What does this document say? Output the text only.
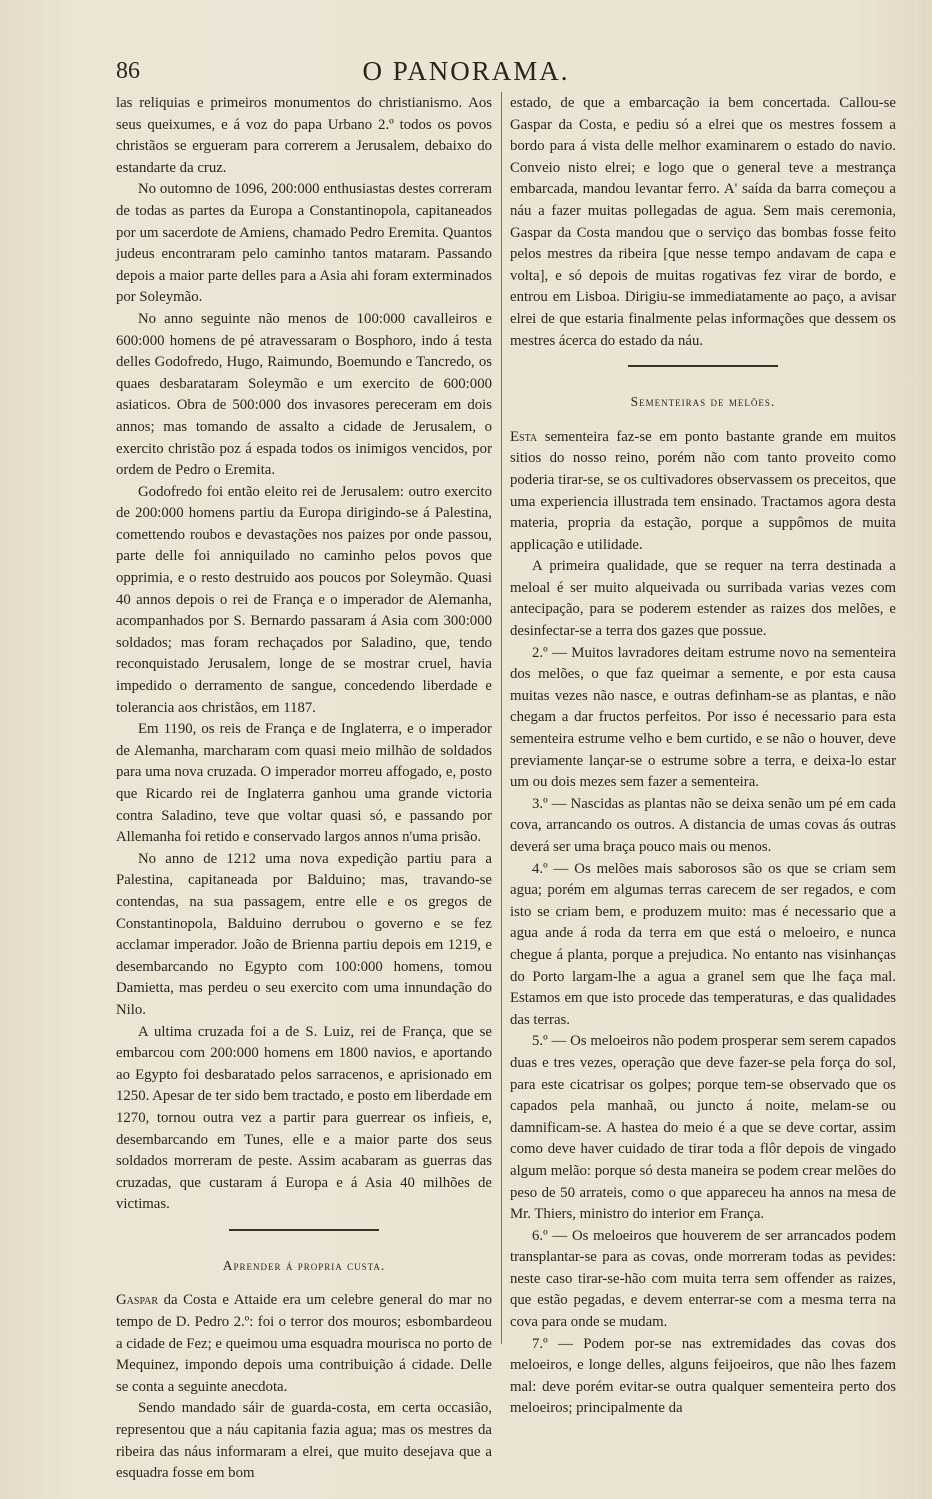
86	O PANORAMA.

las reliquias e primeiros monumentos do christianismo. Aos seus queixumes, e á voz do papa Urbano 2.º todos os povos christãos se ergueram para correrem a Jerusalem, debaixo do estandarte da cruz.

No outomno de 1096, 200:000 enthusiastas destes correram de todas as partes da Europa a Constantinopola, capitaneados por um sacerdote de Amiens, chamado Pedro Eremita. Quantos judeus encontraram pelo caminho tantos mataram. Passando depois a maior parte delles para a Asia ahi foram exterminados por Soleymão.

No anno seguinte não menos de 100:000 cavalleiros e 600:000 homens de pé atravessaram o Bosphoro, indo á testa delles Godofredo, Hugo, Raimundo, Boemundo e Tancredo, os quaes desbarataram Soleymão e um exercito de 600:000 asiaticos. Obra de 500:000 dos invasores pereceram em dois annos; mas tomando de assalto a cidade de Jerusalem, o exercito christão poz á espada todos os inimigos vencidos, por ordem de Pedro o Eremita.

Godofredo foi então eleito rei de Jerusalem: outro exercito de 200:000 homens partiu da Europa dirigindo-se á Palestina, comettendo roubos e devastações nos paizes por onde passou, parte delle foi anniquilado no caminho pelos povos que opprimia, e o resto destruido aos poucos por Soleymão. Quasi 40 annos depois o rei de França e o imperador de Alemanha, acompanhados por S. Bernardo passaram á Asia com 300:000 soldados; mas foram rechaçados por Saladino, que, tendo reconquistado Jerusalem, longe de se mostrar cruel, havia impedido o derramento de sangue, concedendo liberdade e tolerancia aos christãos, em 1187.

Em 1190, os reis de França e de Inglaterra, e o imperador de Alemanha, marcharam com quasi meio milhão de soldados para uma nova cruzada. O imperador morreu affogado, e, posto que Ricardo rei de Inglaterra ganhou uma grande victoria contra Saladino, teve que voltar quasi só, e passando por Allemanha foi retido e conservado largos annos n'uma prisão.

No anno de 1212 uma nova expedição partiu para a Palestina, capitaneada por Balduino; mas, travando-se contendas, na sua passagem, entre elle e os gregos de Constantinopola, Balduino derrubou o governo e se fez acclamar imperador. João de Brienna partiu depois em 1219, e desembarcando no Egypto com 100:000 homens, tomou Damietta, mas perdeu o seu exercito com uma innundação do Nilo.

A ultima cruzada foi a de S. Luiz, rei de França, que se embarcou com 200:000 homens em 1800 navios, e aportando ao Egypto foi desbaratado pelos sarracenos, e aprisionado em 1250. Apesar de ter sido bem tractado, e posto em liberdade em 1270, tornou outra vez a partir para guerrear os infieis, e, desembarcando em Tunes, elle e a maior parte dos seus soldados morreram de peste. Assim acabaram as guerras das cruzadas, que custaram á Europa e á Asia 40 milhões de victimas.

Aprender á propria custa.

Gaspar da Costa e Attaide era um celebre general do mar no tempo de D. Pedro 2.º: foi o terror dos mouros; esbombardeou a cidade de Fez; e queimou uma esquadra mourisca no porto de Mequinez, impondo depois uma contribuição á cidade. Delle se conta a seguinte anecdota.

Sendo mandado sáir de guarda-costa, em certa occasião, representou que a náu capitania fazia agua; mas os mestres da ribeira das náus informaram a elrei, que muito desejava que a esquadra fosse em bom

estado, de que a embarcação ia bem concertada. Callou-se Gaspar da Costa, e pediu só a elrei que os mestres fossem a bordo para á vista delle melhor examinarem o estado do navio. Conveio nisto elrei; e logo que o general teve a mestrança embarcada, mandou levantar ferro. A' saída da barra começou a náu a fazer muitas pollegadas de agua. Sem mais ceremonia, Gaspar da Costa mandou que o serviço das bombas fosse feito pelos mestres da ribeira [que nesse tempo andavam de capa e volta], e só depois de muitas rogativas fez virar de bordo, e entrou em Lisboa. Dirigiu-se immediatamente ao paço, a avisar elrei de que estaria finalmente pelas informações que dessem os mestres ácerca do estado da náu.

Sementeiras de melões.

Esta sementeira faz-se em ponto bastante grande em muitos sitios do nosso reino, porém não com tanto proveito como poderia tirar-se, se os cultivadores observassem os preceitos, que uma experiencia illustrada tem ensinado. Tractamos agora desta materia, propria da estação, porque a suppômos de muita applicação e utilidade.

A primeira qualidade, que se requer na terra destinada a meloal é ser muito alqueivada ou surribada varias vezes com antecipação, para se poderem estender as raizes dos melões, e desinfectar-se a terra dos gazes que possue.

2.º — Muitos lavradores deitam estrume novo na sementeira dos melões, o que faz queimar a semente, e por esta causa muitas vezes não nasce, e outras definham-se as plantas, e não chegam a dar fructos perfeitos. Por isso é necessario para esta sementeira estrume velho e bem curtido, e se não o houver, deve previamente lançar-se o estrume sobre a terra, e deixa-lo estar um ou dois mezes sem fazer a sementeira.

3.º — Nascidas as plantas não se deixa senão um pé em cada cova, arrancando os outros. A distancia de umas covas ás outras deverá ser uma braça pouco mais ou menos.

4.º — Os melões mais saborosos são os que se criam sem agua; porém em algumas terras carecem de ser regados, e com isto se criam bem, e produzem muito: mas é necessario que a agua ande á roda da terra em que está o meloeiro, e nunca chegue á planta, porque a prejudica. No entanto nas visinhanças do Porto largam-lhe a agua a granel sem que lhe faça mal. Estamos em que isto procede das temperaturas, e das qualidades das terras.

5.º — Os meloeiros não podem prosperar sem serem capados duas e tres vezes, operação que deve fazer-se pela força do sol, para este cicatrisar os golpes; porque tem-se observado que os capados pela manhaã, ou juncto á noite, melam-se ou damnificam-se. A hastea do meio é a que se deve cortar, assim como deve haver cuidado de tirar toda a flôr depois de vingado algum melão: porque só desta maneira se podem crear melões do peso de 50 arrateis, como o que appareceu ha annos na mesa de Mr. Thiers, ministro do interior em França.

6.º — Os meloeiros que houverem de ser arrancados podem transplantar-se para as covas, onde morreram todas as pevides: neste caso tirar-se-hão com muita terra sem offender as raizes, que estão pegadas, e devem enterrar-se com a mesma terra na cova para onde se mudam.

7.º — Podem por-se nas extremidades das covas dos meloeiros, e longe delles, alguns feijoeiros, que não lhes fazem mal: deve porém evitar-se outra qualquer sementeira perto dos meloeiros; principalmente da
